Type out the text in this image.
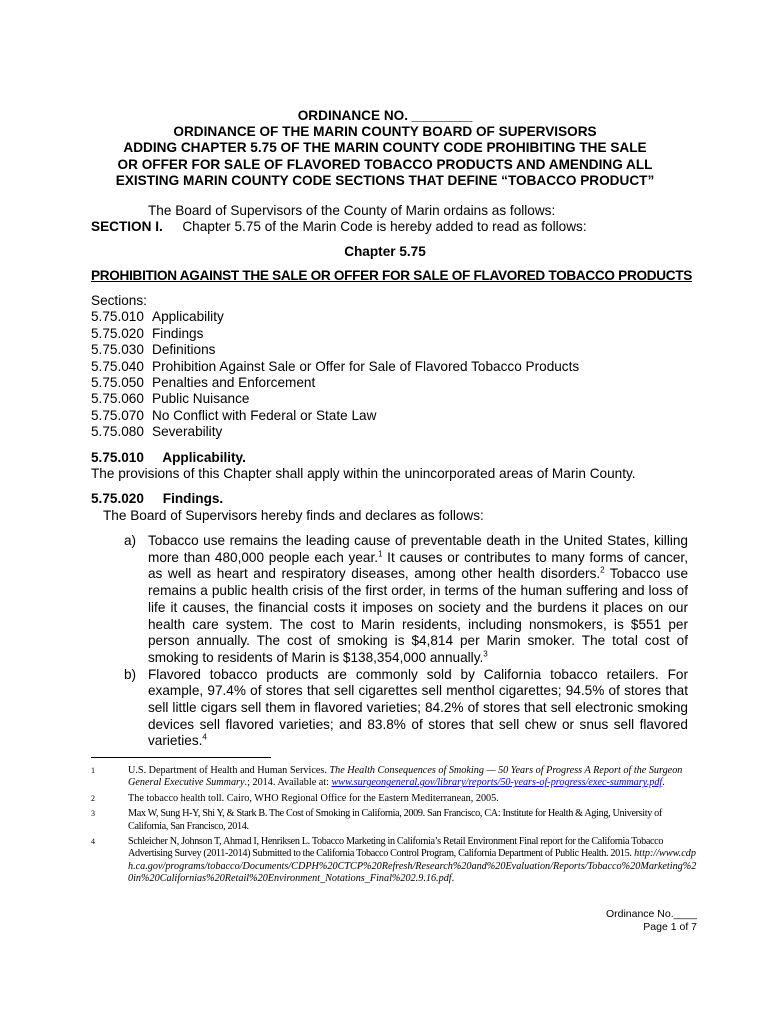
ORDINANCE NO. ________
ORDINANCE OF THE MARIN COUNTY BOARD OF SUPERVISORS
ADDING CHAPTER 5.75 OF THE MARIN COUNTY CODE PROHIBITING THE SALE
OR OFFER FOR SALE OF FLAVORED TOBACCO PRODUCTS AND AMENDING ALL
EXISTING MARIN COUNTY CODE SECTIONS THAT DEFINE “TOBACCO PRODUCT”
The Board of Supervisors of the County of Marin ordains as follows:
SECTION I. Chapter 5.75 of the Marin Code is hereby added to read as follows:
Chapter 5.75
PROHIBITION AGAINST THE SALE OR OFFER FOR SALE OF FLAVORED TOBACCO PRODUCTS
Sections:
5.75.010 Applicability
5.75.020 Findings
5.75.030 Definitions
5.75.040 Prohibition Against Sale or Offer for Sale of Flavored Tobacco Products
5.75.050 Penalties and Enforcement
5.75.060 Public Nuisance
5.75.070 No Conflict with Federal or State Law
5.75.080 Severability
5.75.010     Applicability.
The provisions of this Chapter shall apply within the unincorporated areas of Marin County.
5.75.020     Findings.
The Board of Supervisors hereby finds and declares as follows:
a) Tobacco use remains the leading cause of preventable death in the United States, killing more than 480,000 people each year.$^1$ It causes or contributes to many forms of cancer, as well as heart and respiratory diseases, among other health disorders.$^2$ Tobacco use remains a public health crisis of the first order, in terms of the human suffering and loss of life it causes, the financial costs it imposes on society and the burdens it places on our health care system. The cost to Marin residents, including nonsmokers, is $551 per person annually. The cost of smoking is $4,814 per Marin smoker. The total cost of smoking to residents of Marin is $138,354,000 annually.$^3$
b) Flavored tobacco products are commonly sold by California tobacco retailers. For example, 97.4% of stores that sell cigarettes sell menthol cigarettes; 94.5% of stores that sell little cigars sell them in flavored varieties; 84.2% of stores that sell electronic smoking devices sell flavored varieties; and 83.8% of stores that sell chew or snus sell flavored varieties.$^4$
1	U.S. Department of Health and Human Services. The Health Consequences of Smoking — 50 Years of Progress A Report of the Surgeon General Executive Summary.; 2014. Available at: www.surgeongeneral.gov/library/reports/50-years-of-progress/exec-summary.pdf.
2	The tobacco health toll. Cairo, WHO Regional Office for the Eastern Mediterranean, 2005.
3	Max W, Sung H-Y, Shi Y, & Stark B. The Cost of Smoking in California, 2009. San Francisco, CA: Institute for Health & Aging, University of California, San Francisco, 2014.
4	Schleicher N, Johnson T, Ahmad I, Henriksen L. Tobacco Marketing in California’s Retail Environment Final report for the California Tobacco Advertising Survey (2011-2014) Submitted to the California Tobacco Control Program, California Department of Public Health. 2015. http://www.cdph.ca.gov/programs/tobacco/Documents/CDPH%20CTCP%20Refresh/Research%20and%20Evaluation/Reports/Tobacco%20Marketing%20in%20Californias%20Retail%20Environment_Notations_Final%202.9.16.pdf.
Ordinance No.____
Page 1 of 7
